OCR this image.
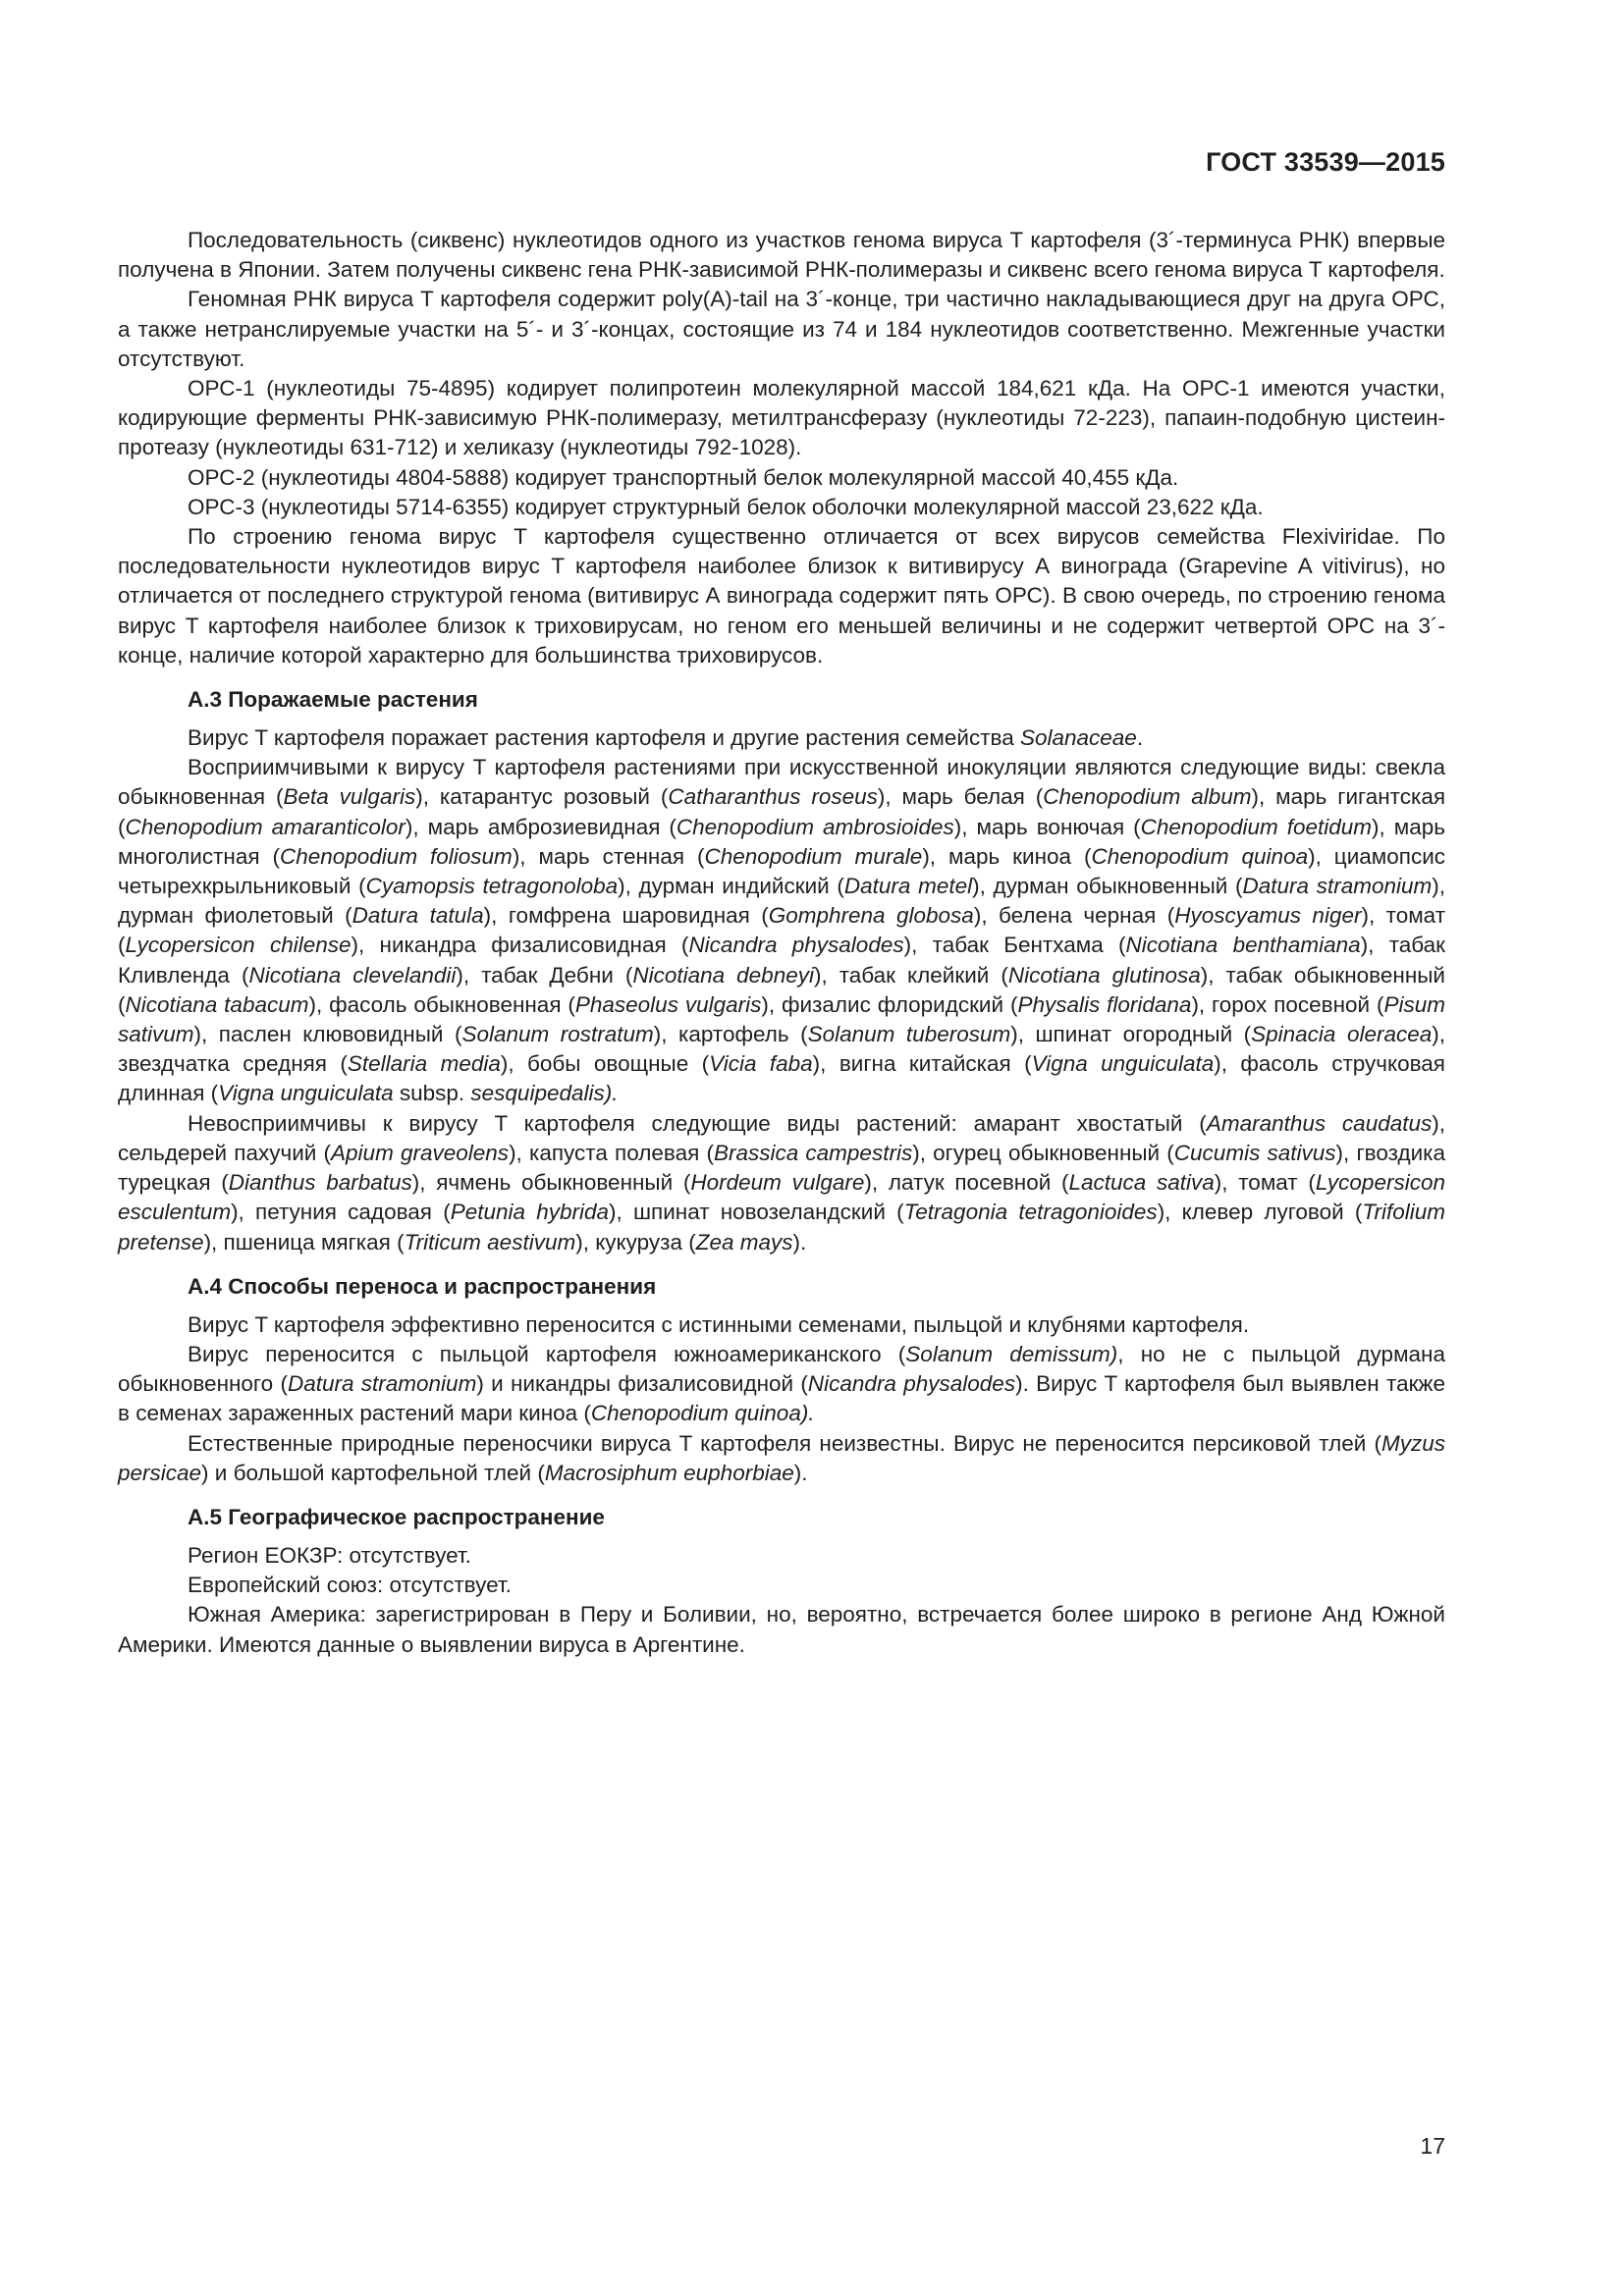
ГОСТ 33539—2015

Последовательность (сиквенс) нуклеотидов одного из участков генома вируса T картофеля (3´-терминуса РНК) впервые получена в Японии. Затем получены сиквенс гена РНК-зависимой РНК-полимеразы и сиквенс всего генома вируса T картофеля.

Геномная РНК вируса T картофеля содержит poly(A)-tail на 3´-конце, три частично накладывающиеся друг на друга ОРС, а также нетранслируемые участки на 5´- и 3´-концах, состоящие из 74 и 184 нуклеотидов соответственно. Межгенные участки отсутствуют.

ОРС-1 (нуклеотиды 75-4895) кодирует полипротеин молекулярной массой 184,621 кДа. На ОРС-1 имеются участки, кодирующие ферменты РНК-зависимую РНК-полимеразу, метилтрансферазу (нуклеотиды 72-223), папаин-подобную цистеин-протеазу (нуклеотиды 631-712) и хеликазу (нуклеотиды 792-1028).

ОРС-2 (нуклеотиды 4804-5888) кодирует транспортный белок молекулярной массой 40,455 кДа.

ОРС-3 (нуклеотиды 5714-6355) кодирует структурный белок оболочки молекулярной массой 23,622 кДа.

По строению генома вирус T картофеля существенно отличается от всех вирусов семейства Flexiviridae. По последовательности нуклеотидов вирус T картофеля наиболее близок к витивирусу А винограда (Grapevine A vitivirus), но отличается от последнего структурой генома (витивирус А винограда содержит пять ОРС). В свою очередь, по строению генома вирус T картофеля наиболее близок к триховирусам, но геном его меньшей величины и не содержит четвертой ОРС на 3´-конце, наличие которой характерно для большинства триховирусов.

А.3 Поражаемые растения

Вирус T картофеля поражает растения картофеля и другие растения семейства Solanaceae.

Восприимчивыми к вирусу T картофеля растениями при искусственной инокуляции являются следующие виды: свекла обыкновенная (Beta vulgaris), катарантус розовый (Catharanthus roseus), марь белая (Chenopodium album), марь гигантская (Chenopodium amaranticolor), марь амброзиевидная (Chenopodium ambrosioides), марь вонючая (Chenopodium foetidum), марь многолистная (Chenopodium foliosum), марь стенная (Chenopodium murale), марь киноа (Chenopodium quinoa), циамопсис четырехкрыльниковый (Cyamopsis tetragonoloba), дурман индийский (Datura metel), дурман обыкновенный (Datura stramonium), дурман фиолетовый (Datura tatula), гомфрена шаровидная (Gomphrena globosa), белена черная (Hyoscyamus niger), томат (Lycopersicon chilense), никандра физалисовидная (Nicandra physalodes), табак Бентхама (Nicotiana benthamiana), табак Кливленда (Nicotiana clevelandii), табак Дебни (Nicotiana debneyi), табак клейкий (Nicotiana glutinosa), табак обыкновенный (Nicotiana tabacum), фасоль обыкновенная (Phaseolus vulgaris), физалис флоридский (Physalis floridana), горох посевной (Pisum sativum), паслен клювовидный (Solanum rostratum), картофель (Solanum tuberosum), шпинат огородный (Spinacia oleracea), звездчатка средняя (Stellaria media), бобы овощные (Vicia faba), вигна китайская (Vigna unguiculata), фасоль стручковая длинная (Vigna unguiculata subsp. sesquipedalis).

Невосприимчивы к вирусу T картофеля следующие виды растений: амарант хвостатый (Amaranthus caudatus), сельдерей пахучий (Apium graveolens), капуста полевая (Brassica campestris), огурец обыкновенный (Cucumis sativus), гвоздика турецкая (Dianthus barbatus), ячмень обыкновенный (Hordeum vulgare), латук посевной (Lactuca sativa), томат (Lycopersicon esculentum), петуния садовая (Petunia hybrida), шпинат новозеландский (Tetragonia tetragonioides), клевер луговой (Trifolium pretense), пшеница мягкая (Triticum aestivum), кукуруза (Zea mays).

А.4 Способы переноса и распространения

Вирус T картофеля эффективно переносится с истинными семенами, пыльцой и клубнями картофеля.

Вирус переносится с пыльцой картофеля южноамериканского (Solanum demissum), но не с пыльцой дурмана обыкновенного (Datura stramonium) и никандры физалисовидной (Nicandra physalodes). Вирус T картофеля был выявлен также в семенах зараженных растений мари киноа (Chenopodium quinoa).

Естественные природные переносчики вируса T картофеля неизвестны. Вирус не переносится персиковой тлей (Myzus persicae) и большой картофельной тлей (Macrosiphum euphorbiae).

А.5 Географическое распространение

Регион ЕОКЗР: отсутствует.

Европейский союз: отсутствует.

Южная Америка: зарегистрирован в Перу и Боливии, но, вероятно, встречается более широко в регионе Анд Южной Америки. Имеются данные о выявлении вируса в Аргентине.

17
